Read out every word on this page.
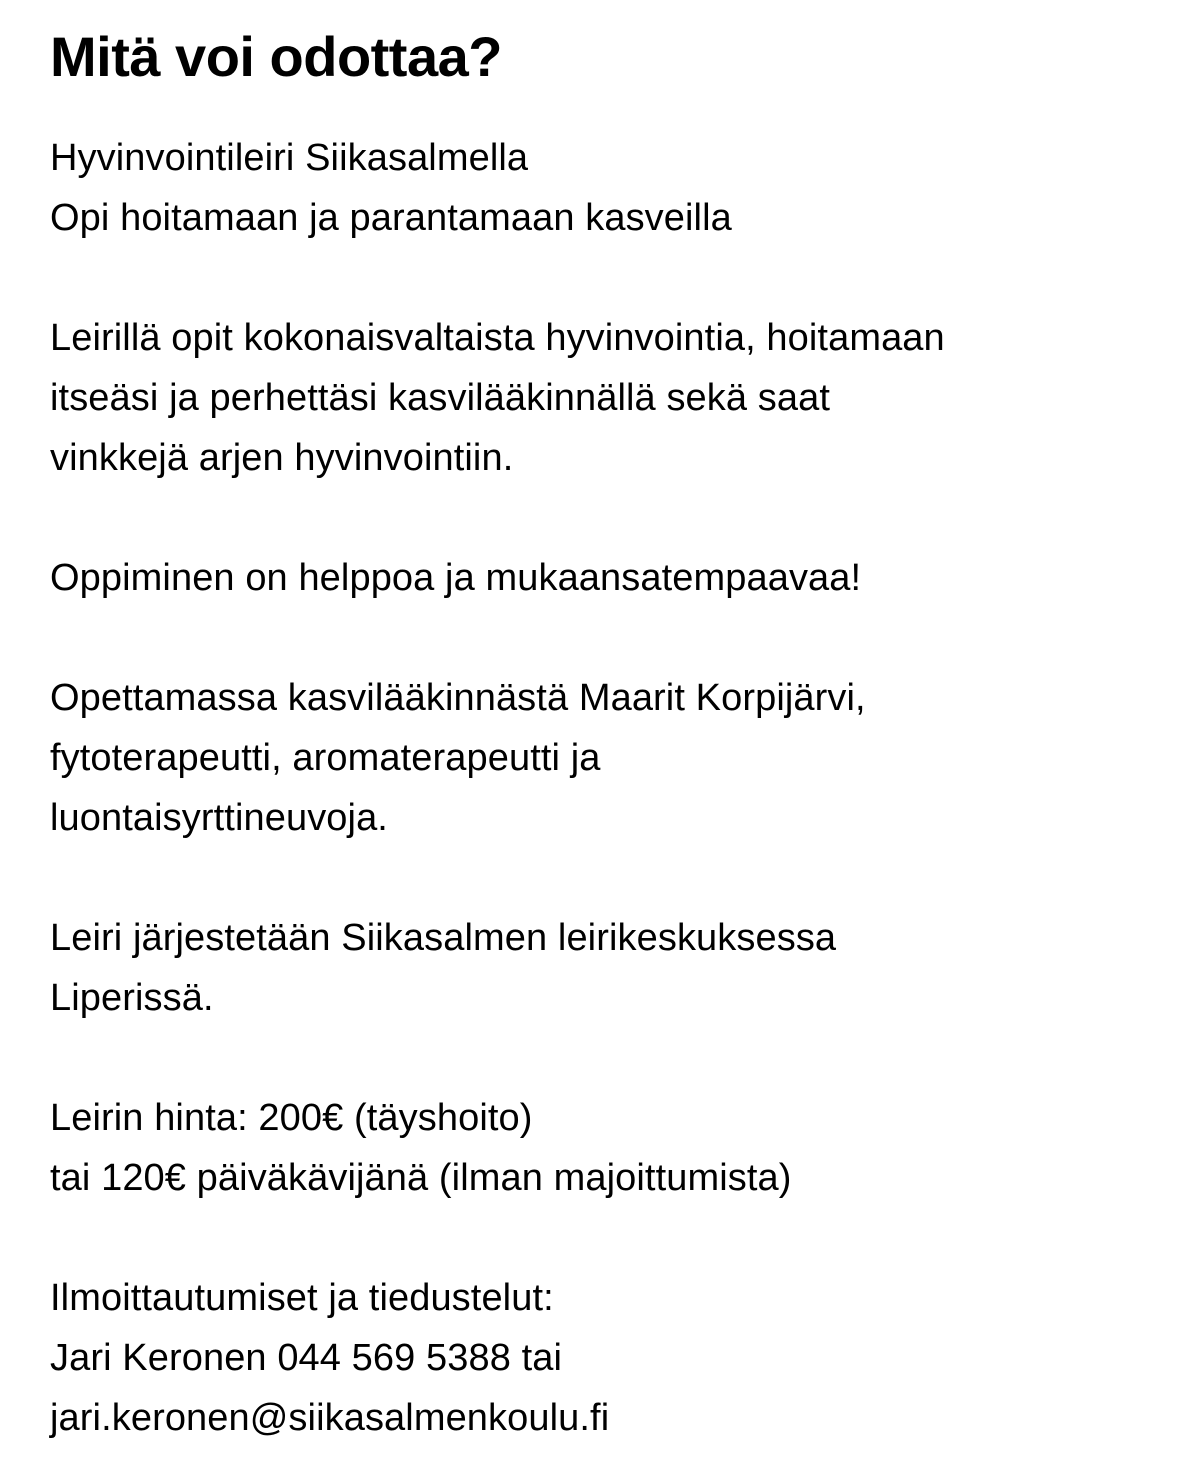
Mitä voi odottaa?

Hyvinvointileiri Siikasalmella
Opi hoitamaan ja parantamaan kasveilla

Leirillä opit kokonaisvaltaista hyvinvointia, hoitamaan
itseäsi ja perhettäsi kasvilääkinnällä sekä saat
vinkkejä arjen hyvinvointiin.

Oppiminen on helppoa ja mukaansatempaavaa!

Opettamassa kasvilääkinnästä Maarit Korpijärvi,
fytoterapeutti, aromaterapeutti ja
luontaisyrttineuvoja.

Leiri järjestetään Siikasalmen leirikeskuksessa
Liperissä.

Leirin hinta: 200€ (täyshoito)
tai 120€ päiväkävijänä (ilman majoittumista)

Ilmoittautumiset ja tiedustelut:
Jari Keronen 044 569 5388 tai
jari.keronen@siikasalmenkoulu.fi
